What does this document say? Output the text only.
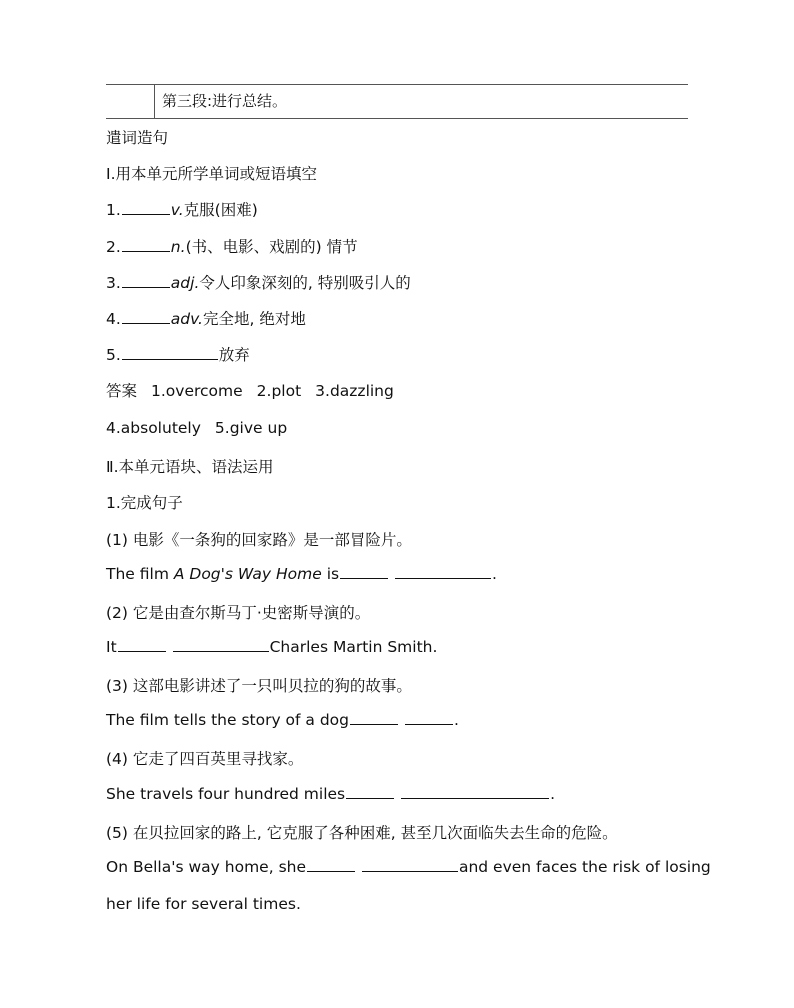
第三段:进行总结。
遣词造句
Ⅰ.用本单元所学单词或短语填空
1.	v.克服(困难)
2.	n.(书、电影、戏剧的) 情节
3.	adj.令人印象深刻的, 特别吸引人的
4.	adv.完全地, 绝对地
5.	放弃
答案 1.overcome 2.plot 3.dazzling
4.absolutely 5.give up
Ⅱ.本单元语块、语法运用
1.完成句子
(1) 电影《一条狗的回家路》是一部冒险片。
The film A Dog's Way Home is	.
(2) 它是由查尔斯马丁·史密斯导演的。
It	Charles Martin Smith.
(3) 这部电影讲述了一只叫贝拉的狗的故事。
The film tells the story of a dog	.
(4) 它走了四百英里寻找家。
She travels four hundred miles	.
(5) 在贝拉回家的路上, 它克服了各种困难, 甚至几次面临失去生命的危险。
On Bella's way home, she	and even faces the risk of losing
her life for several times.
